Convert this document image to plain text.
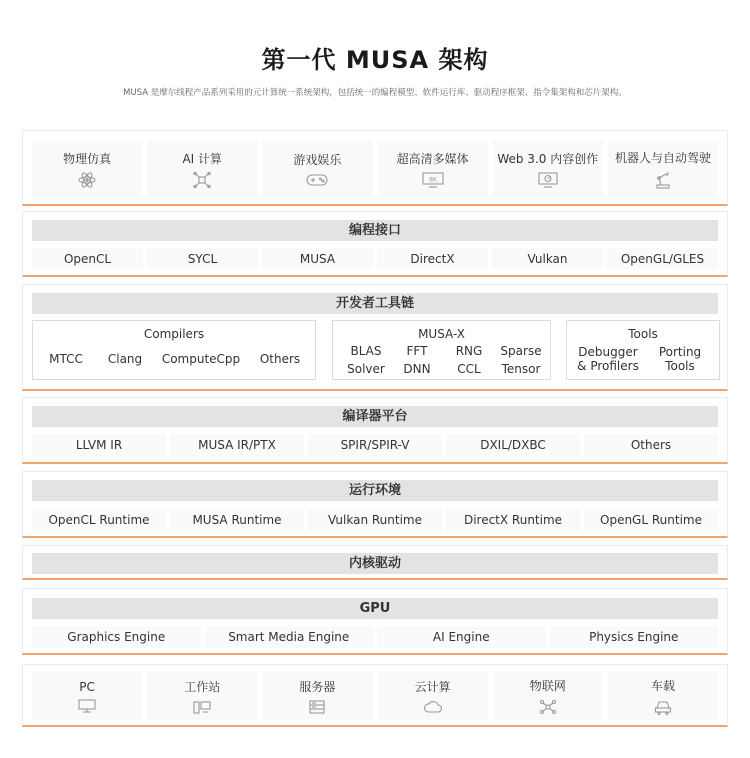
第一代 MUSA 架构
MUSA 是摩尔线程产品系列采用的元计算统一系统架构，包括统一的编程模型、软件运行库、驱动程序框架、指令集架构和芯片架构。
物理仿真	AI 计算	游戏娱乐	超高清多媒体
8K
Web 3.0 内容创作 机器人与自动驾驶
编程接口
OpenCL	SYCL	MUSA	DirectX	Vulkan	OpenGL/GLES
开发者工具链
Compilers
MTCC Clang ComputeCpp Others
MUSA-X
BLAS FFT RNG Sparse
Solver DNN CCL Tensor
Tools
Debugger
& Profilers
Porting
Tools
编译器平台
LLVM IR	MUSA IR/PTX	SPIR/SPIR-V	DXIL/DXBC	Others
运行环境
OpenCL Runtime	MUSA Runtime	Vulkan Runtime	DirectX Runtime	OpenGL Runtime
内核驱动
GPU
Graphics Engine	Smart Media Engine	AI Engine	Physics Engine
PC	工作站	服务器	云计算	物联网	车载
